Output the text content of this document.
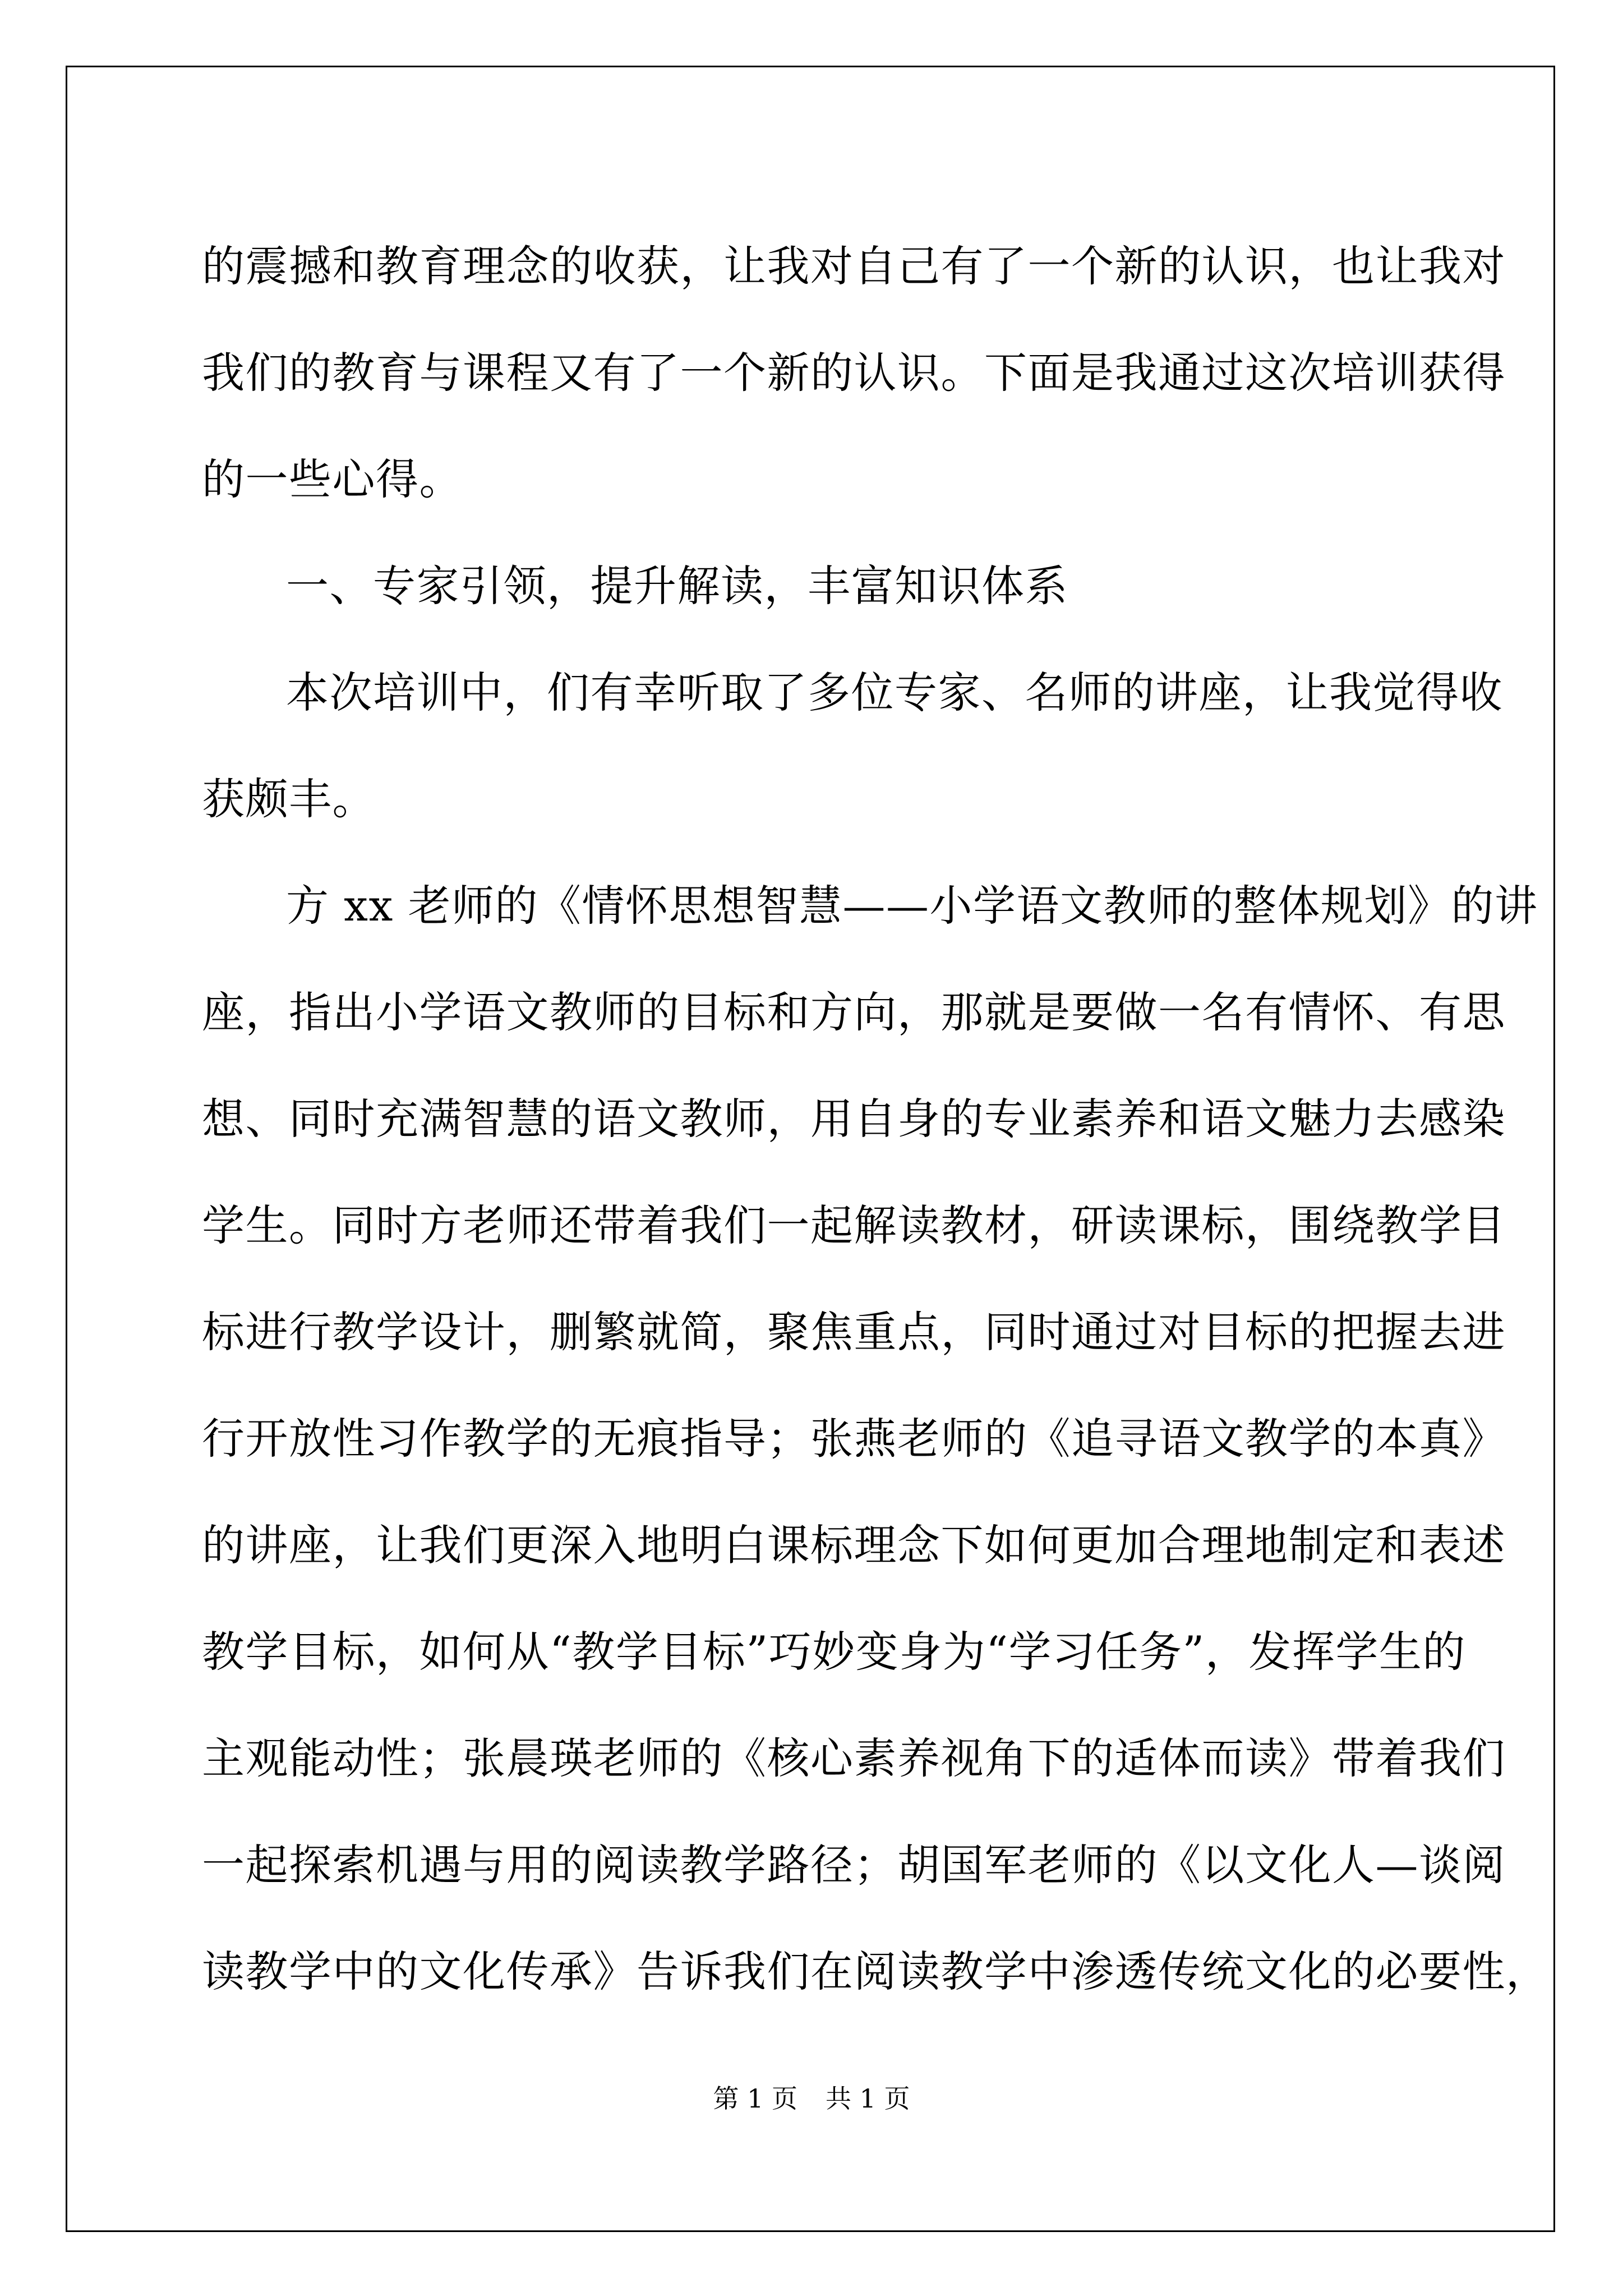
的震撼和教育理念的收获，让我对自己有了一个新的认识，也让我对
我们的教育与课程又有了一个新的认识。下面是我通过这次培训获得
的一些心得。
一、专家引领，提升解读，丰富知识体系
本次培训中，们有幸听取了多位专家、名师的讲座，让我觉得收
获颇丰。
方 xx 老师的《情怀思想智慧——小学语文教师的整体规划》的讲
座，指出小学语文教师的目标和方向，那就是要做一名有情怀、有思
想、同时充满智慧的语文教师，用自身的专业素养和语文魅力去感染
学生。同时方老师还带着我们一起解读教材，研读课标，围绕教学目
标进行教学设计，删繁就简，聚焦重点，同时通过对目标的把握去进
行开放性习作教学的无痕指导；张燕老师的《追寻语文教学的本真》
的讲座，让我们更深入地明白课标理念下如何更加合理地制定和表述
教学目标，如何从“教学目标”巧妙变身为“学习任务”，发挥学生的
主观能动性；张晨瑛老师的《核心素养视角下的适体而读》带着我们
一起探索机遇与用的阅读教学路径；胡国军老师的《以文化人—谈阅
读教学中的文化传承》告诉我们在阅读教学中渗透传统文化的必要性，
第 1 页 共 1 页
